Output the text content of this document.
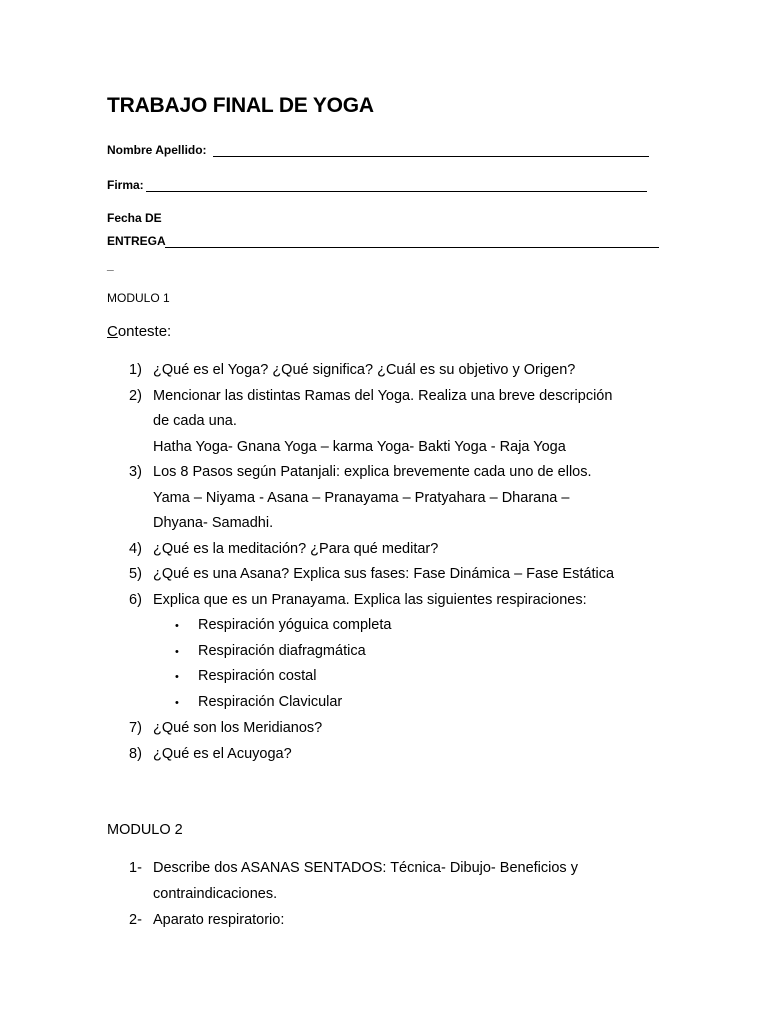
TRABAJO FINAL DE YOGA
Nombre Apellido:
Firma:
Fecha DE
ENTREGA
_
MODULO 1
Conteste:
1) ¿Qué es el Yoga? ¿Qué significa? ¿Cuál es su objetivo y Origen?
2) Mencionar las distintas Ramas del Yoga. Realiza una breve descripción
de cada una.
Hatha Yoga- Gnana Yoga – karma Yoga- Bakti Yoga - Raja Yoga
3) Los 8 Pasos según Patanjali: explica brevemente cada uno de ellos.
Yama – Niyama - Asana – Pranayama – Pratyahara – Dharana –
Dhyana- Samadhi.
4) ¿Qué es la meditación? ¿Para qué meditar?
5) ¿Qué es una Asana? Explica sus fases: Fase Dinámica – Fase Estática
6) Explica que es un Pranayama. Explica las siguientes respiraciones:
• Respiración yóguica completa
• Respiración diafragmática
• Respiración costal
• Respiración Clavicular
7) ¿Qué son los Meridianos?
8) ¿Qué es el Acuyoga?
MODULO 2
1- Describe dos ASANAS SENTADOS: Técnica- Dibujo- Beneficios y
contraindicaciones.
2- Aparato respiratorio:
